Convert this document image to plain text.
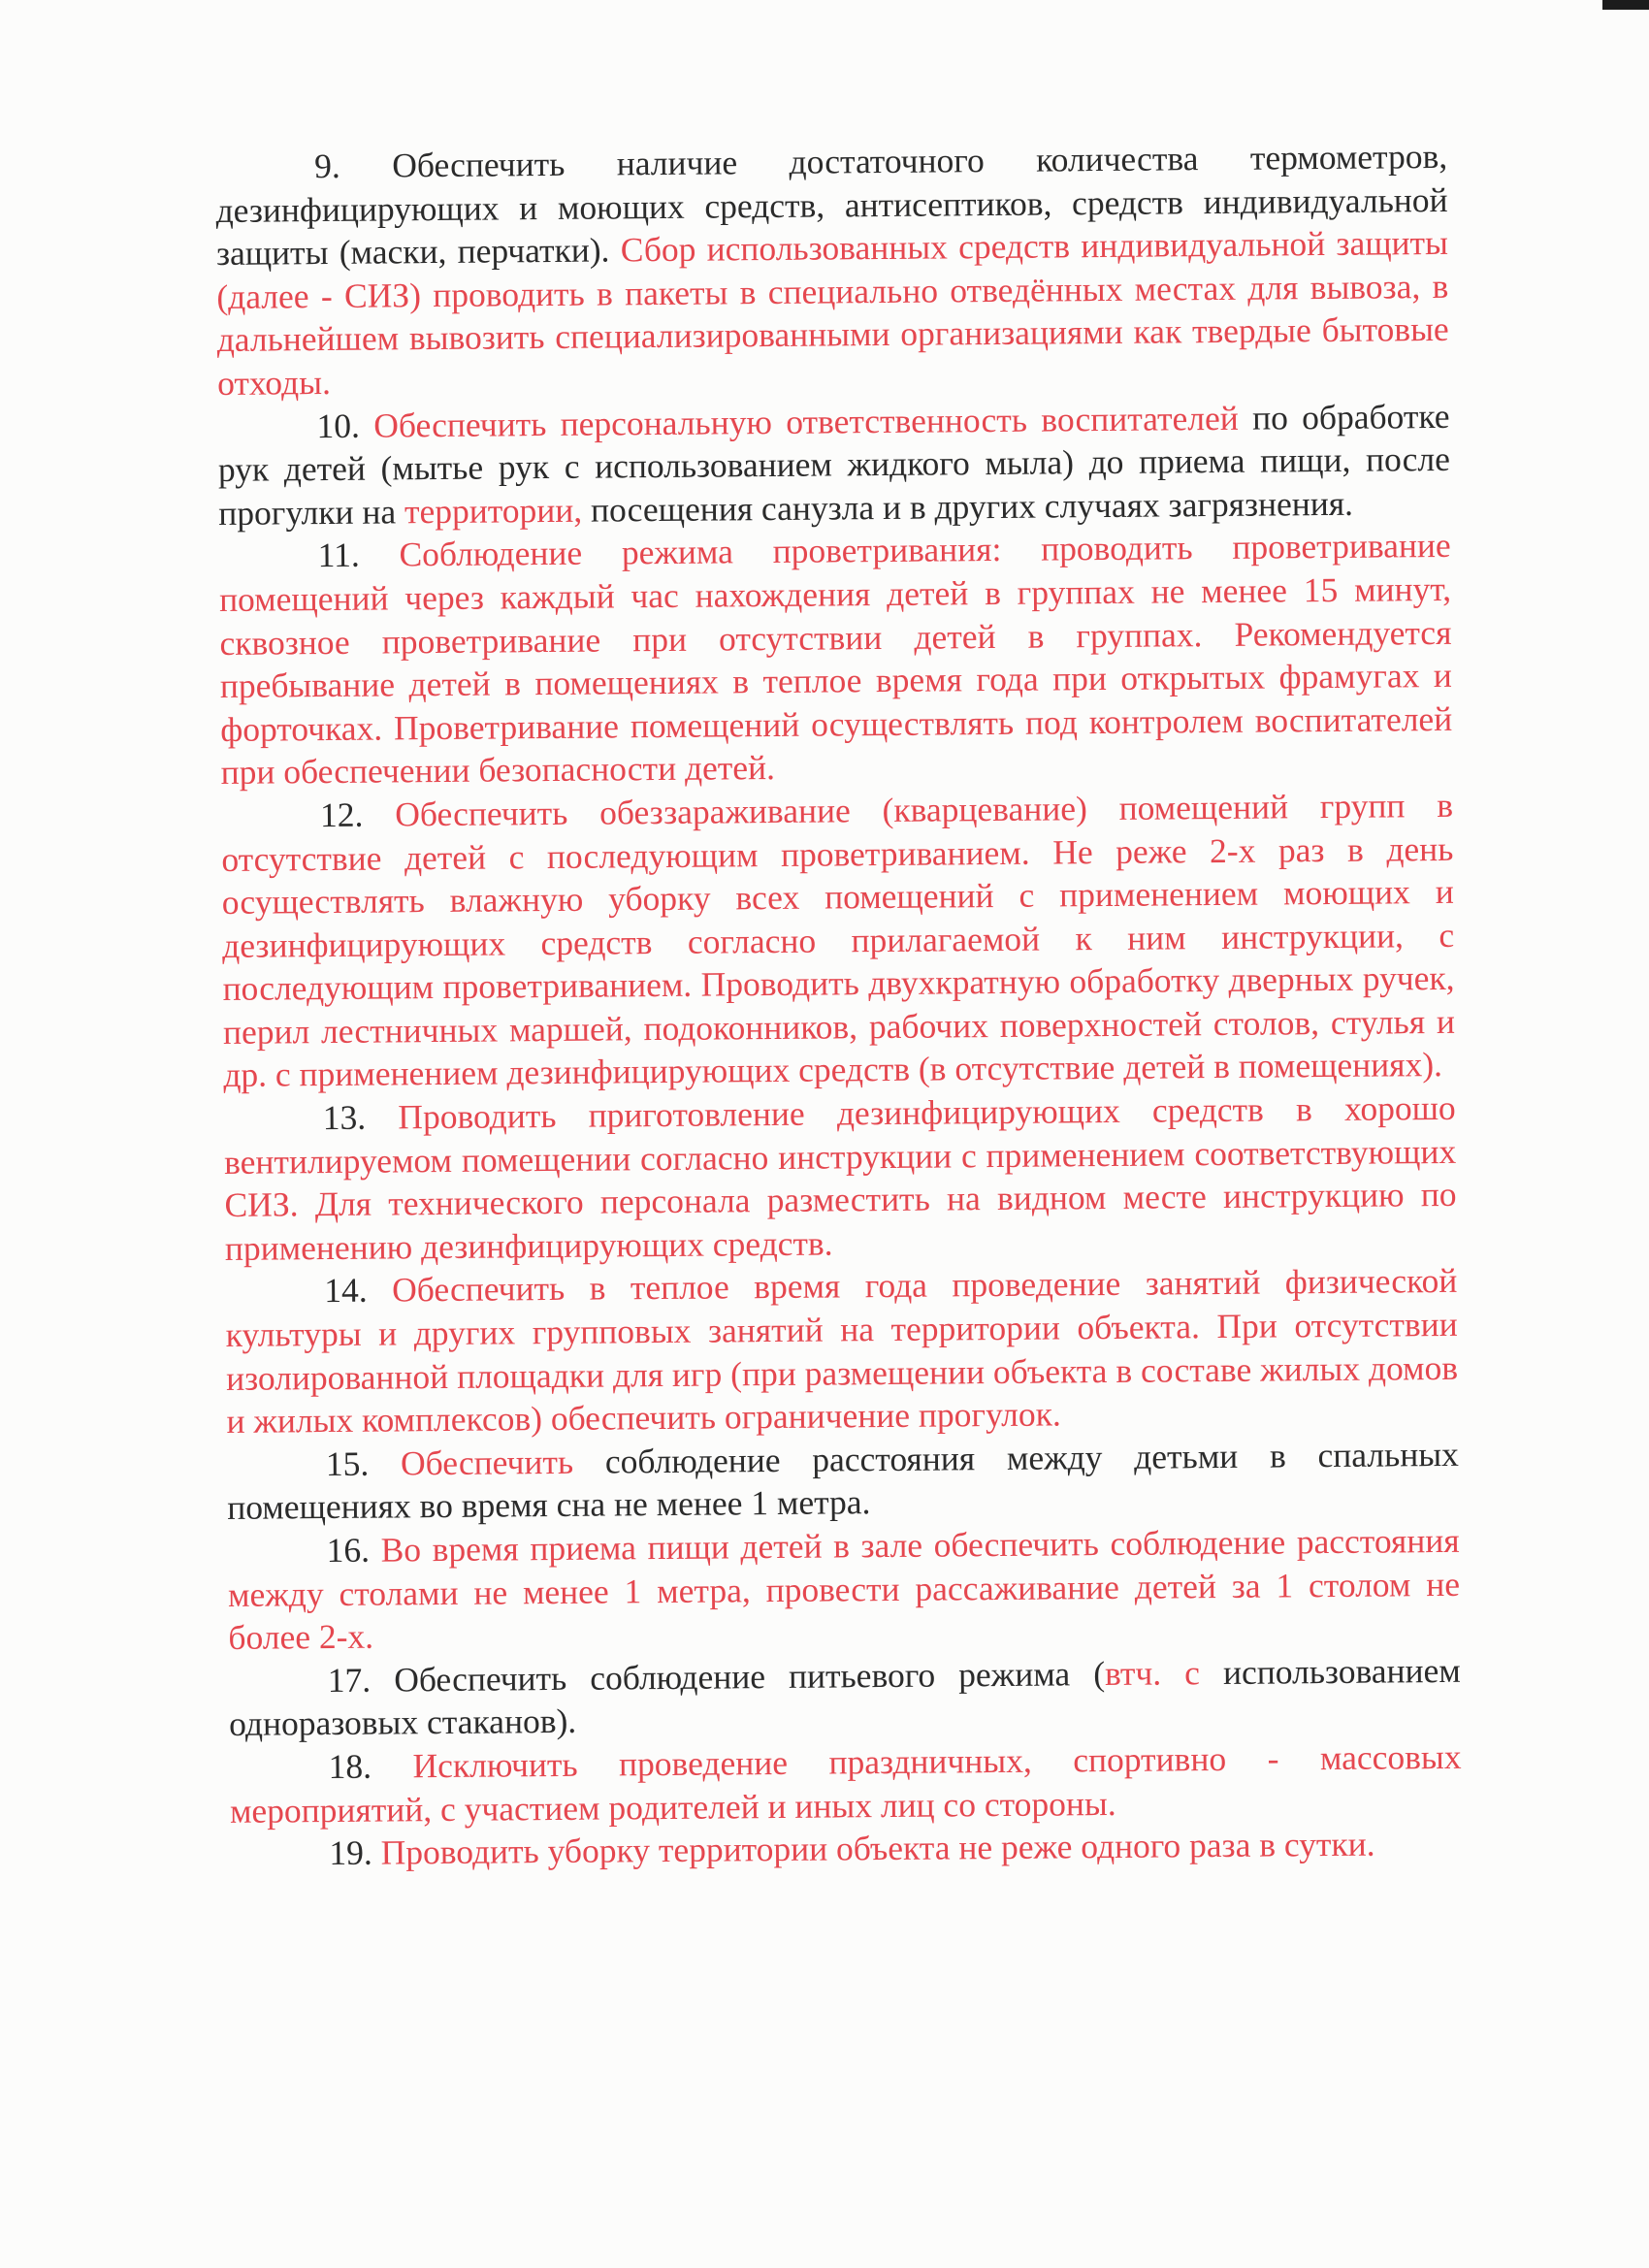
9. Обеспечить наличие достаточного количества термометров, дезинфицирующих и моющих средств, антисептиков, средств индивидуальной защиты (маски, перчатки). Сбор использованных средств индивидуальной защиты (далее - СИЗ) проводить в пакеты в специально отведённых местах для вывоза, в дальнейшем вывозить специализированными организациями как твердые бытовые отходы.

10. Обеспечить персональную ответственность воспитателей по обработке рук детей (мытье рук с использованием жидкого мыла) до приема пищи, после прогулки на территории, посещения санузла и в других случаях загрязнения.

11. Соблюдение режима проветривания: проводить проветривание помещений через каждый час нахождения детей в группах не менее 15 минут, сквозное проветривание при отсутствии детей в группах. Рекомендуется пребывание детей в помещениях в теплое время года при открытых фрамугах и форточках. Проветривание помещений осуществлять под контролем воспитателей при обеспечении безопасности детей.

12. Обеспечить обеззараживание (кварцевание) помещений групп в отсутствие детей с последующим проветриванием. Не реже 2-х раз в день осуществлять влажную уборку всех помещений с применением моющих и дезинфицирующих средств согласно прилагаемой к ним инструкции, с последующим проветриванием. Проводить двухкратную обработку дверных ручек, перил лестничных маршей, подоконников, рабочих поверхностей столов, стулья и др. с применением дезинфицирующих средств (в отсутствие детей в помещениях).

13. Проводить приготовление дезинфицирующих средств в хорошо вентилируемом помещении согласно инструкции с применением соответствующих СИЗ. Для технического персонала разместить на видном месте инструкцию по применению дезинфицирующих средств.

14. Обеспечить в теплое время года проведение занятий физической культуры и других групповых занятий на территории объекта. При отсутствии изолированной площадки для игр (при размещении объекта в составе жилых домов и жилых комплексов) обеспечить ограничение прогулок.

15. Обеспечить соблюдение расстояния между детьми в спальных помещениях во время сна не менее 1 метра.

16. Во время приема пищи детей в зале обеспечить соблюдение расстояния между столами не менее 1 метра, провести рассаживание детей за 1 столом не более 2-х.

17. Обеспечить соблюдение питьевого режима (втч. с использованием одноразовых стаканов).

18. Исключить проведение праздничных, спортивно - массовых мероприятий, с участием родителей и иных лиц со стороны.

19. Проводить уборку территории объекта не реже одного раза в сутки.
